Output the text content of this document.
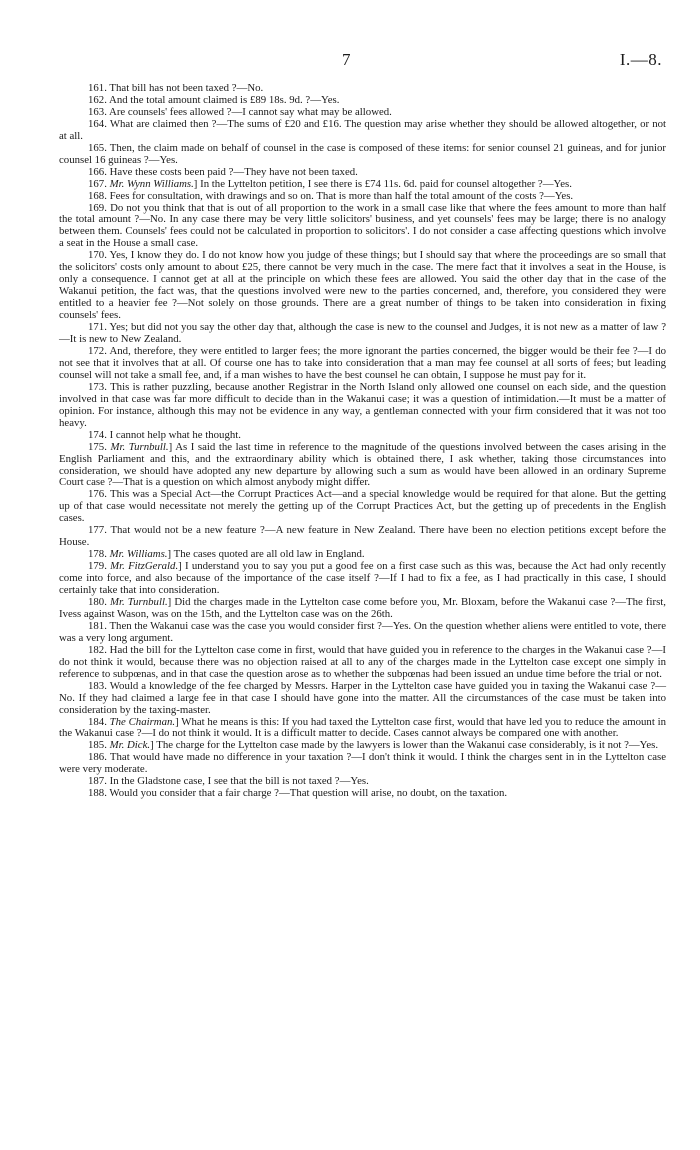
7	I.—8.

161. That bill has not been taxed ?—No.

162. And the total amount claimed is £89 18s. 9d. ?—Yes.

163. Are counsels' fees allowed ?—I cannot say what may be allowed.

164. What are claimed then ?—The sums of £20 and £16. The question may arise whether they should be allowed altogether, or not at all.

165. Then, the claim made on behalf of counsel in the case is composed of these items: for senior counsel 21 guineas, and for junior counsel 16 guineas ?—Yes.

166. Have these costs been paid ?—They have not been taxed.

167. Mr. Wynn Williams.] In the Lyttelton petition, I see there is £74 11s. 6d. paid for counsel altogether ?—Yes.

168. Fees for consultation, with drawings and so on. That is more than half the total amount of the costs ?—Yes.

169. Do not you think that that is out of all proportion to the work in a small case like that where the fees amount to more than half the total amount ?—No. In any case there may be very little solicitors' business, and yet counsels' fees may be large; there is no analogy between them. Counsels' fees could not be calculated in proportion to solicitors'. I do not consider a case affecting questions which involve a seat in the House a small case.

170. Yes, I know they do. I do not know how you judge of these things; but I should say that where the proceedings are so small that the solicitors' costs only amount to about £25, there cannot be very much in the case. The mere fact that it involves a seat in the House, is only a consequence. I cannot get at all at the principle on which these fees are allowed. You said the other day that in the case of the Wakanui petition, the fact was, that the questions involved were new to the parties concerned, and, therefore, you considered they were entitled to a heavier fee ?—Not solely on those grounds. There are a great number of things to be taken into consideration in fixing counsels' fees.

171. Yes; but did not you say the other day that, although the case is new to the counsel and Judges, it is not new as a matter of law ?—It is new to New Zealand.

172. And, therefore, they were entitled to larger fees; the more ignorant the parties concerned, the bigger would be their fee ?—I do not see that it involves that at all. Of course one has to take into consideration that a man may fee counsel at all sorts of fees; but leading counsel will not take a small fee, and, if a man wishes to have the best counsel he can obtain, I suppose he must pay for it.

173. This is rather puzzling, because another Registrar in the North Island only allowed one counsel on each side, and the question involved in that case was far more difficult to decide than in the Wakanui case; it was a question of intimidation.—It must be a matter of opinion. For instance, although this may not be evidence in any way, a gentleman connected with your firm considered that it was not too heavy.

174. I cannot help what he thought.

175. Mr. Turnbull.] As I said the last time in reference to the magnitude of the questions involved between the cases arising in the English Parliament and this, and the extraordinary ability which is obtained there, I ask whether, taking those circumstances into consideration, we should have adopted any new departure by allowing such a sum as would have been allowed in an ordinary Supreme Court case ?—That is a question on which almost anybody might differ.

176. This was a Special Act—the Corrupt Practices Act—and a special knowledge would be required for that alone. But the getting up of that case would necessitate not merely the getting up of the Corrupt Practices Act, but the getting up of precedents in the English cases.

177. That would not be a new feature ?—A new feature in New Zealand. There have been no election petitions except before the House.

178. Mr. Williams.] The cases quoted are all old law in England.

179. Mr. FitzGerald.] I understand you to say you put a good fee on a first case such as this was, because the Act had only recently come into force, and also because of the importance of the case itself ?—If I had to fix a fee, as I had practically in this case, I should certainly take that into consideration.

180. Mr. Turnbull.] Did the charges made in the Lyttelton case come before you, Mr. Bloxam, before the Wakanui case ?—The first, Ivess against Wason, was on the 15th, and the Lyttelton case was on the 26th.

181. Then the Wakanui case was the case you would consider first ?—Yes. On the question whether aliens were entitled to vote, there was a very long argument.

182. Had the bill for the Lyttelton case come in first, would that have guided you in reference to the charges in the Wakanui case ?—I do not think it would, because there was no objection raised at all to any of the charges made in the Lyttelton case except one simply in reference to subpœnas, and in that case the question arose as to whether the subpœnas had been issued an undue time before the trial or not.

183. Would a knowledge of the fee charged by Messrs. Harper in the Lyttelton case have guided you in taxing the Wakanui case ?—No. If they had claimed a large fee in that case I should have gone into the matter. All the circumstances of the case must be taken into consideration by the taxing-master.

184. The Chairman.] What he means is this: If you had taxed the Lyttelton case first, would that have led you to reduce the amount in the Wakanui case ?—I do not think it would. It is a difficult matter to decide. Cases cannot always be compared one with another.

185. Mr. Dick.] The charge for the Lyttelton case made by the lawyers is lower than the Wakanui case considerably, is it not ?—Yes.

186. That would have made no difference in your taxation ?—I don't think it would. I think the charges sent in in the Lyttelton case were very moderate.

187. In the Gladstone case, I see that the bill is not taxed ?—Yes.

188. Would you consider that a fair charge ?—That question will arise, no doubt, on the taxation.
